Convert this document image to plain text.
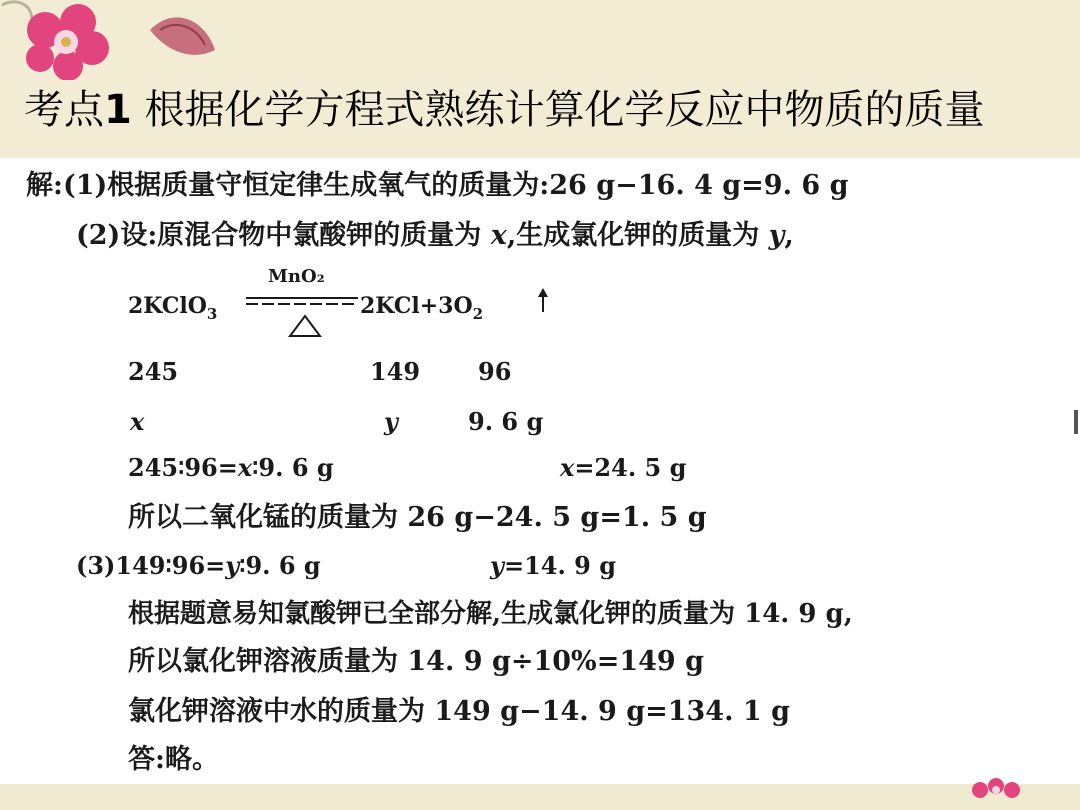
考点1 根据化学方程式熟练计算化学反应中物质的质量
解:(1)根据质量守恒定律生成氧气的质量为:26 g−16. 4 g=9. 6 g
(2)设:原混合物中氯酸钾的质量为 x,生成氯化钾的质量为 y,
MnO₂
2KClO$_3$	$2KCl+3O_2$
245	149 96
x	y	9. 6 g
245∶96=x∶9. 6 g	x=24. 5 g
所以二氧化锰的质量为 26 g−24. 5 g=1. 5 g
(3)149∶96=y∶9. 6 g	y=14. 9 g
根据题意易知氯酸钾已全部分解,生成氯化钾的质量为 14. 9 g,
所以氯化钾溶液质量为 14. 9 g÷10%=149 g
氯化钾溶液中水的质量为 149 g−14. 9 g=134. 1 g
答:略。
